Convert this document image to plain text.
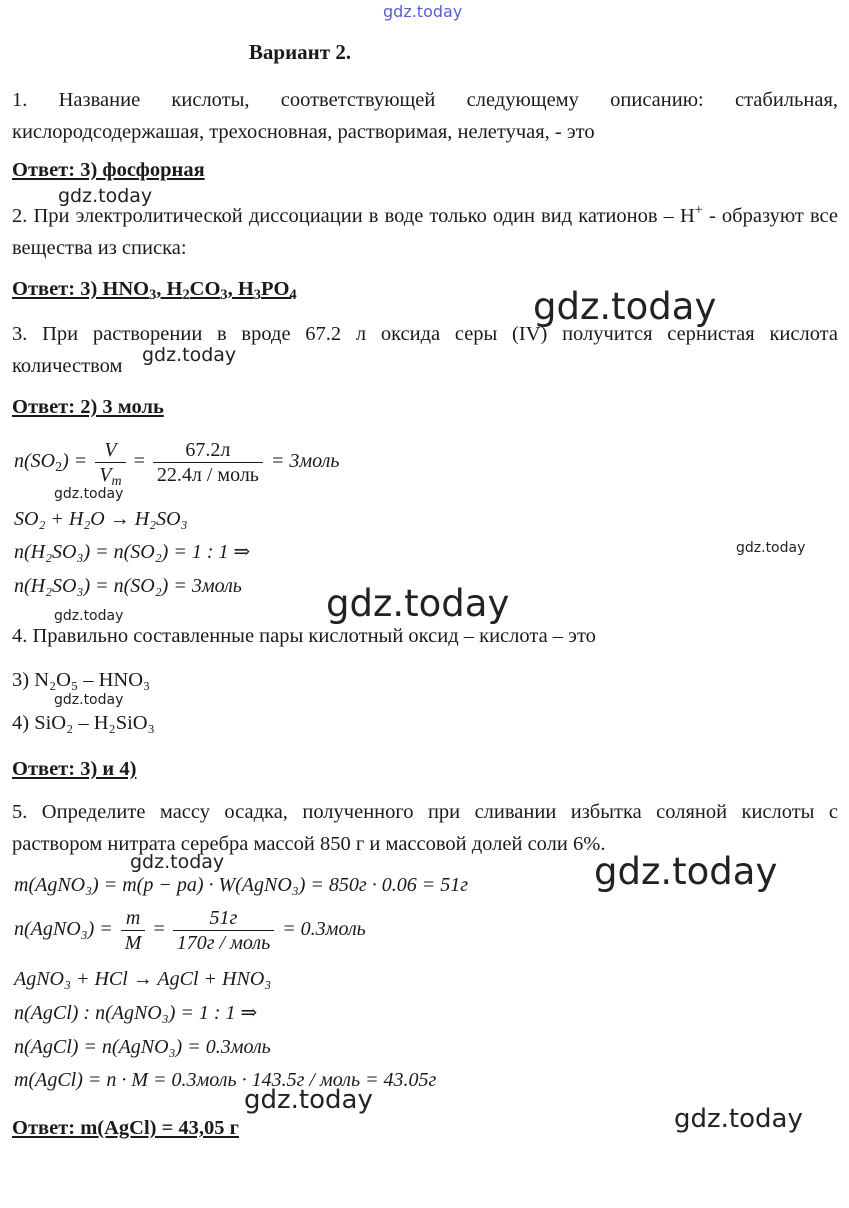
gdz.today
gdz.today
gdz.today
gdz.today
gdz.today
gdz.today
gdz.today
gdz.today
gdz.today
gdz.today	gdz.today
gdz.today
gdz.today
Вариант 2.
1. Название кислоты, соответствующей следующему описанию: стабильная, кислородсодержашая, трехосновная, растворимая, нелетучая, - это
Ответ: 3) фосфорная
2. При электролитической диссоциации в воде только один вид катионов – H+ - образуют все вещества из списка:
Ответ: 3) $HNO_3$, $H_2CO_3$, $H_3PO_4$
3. При растворении в вроде 67.2 л оксида серы (IV) получится сернистая кислота количеством
Ответ: 2) 3 моль
$n(SO_2) = \frac{V}{V_m} = \frac{67.2л}{\text{22.4л / моль}}$ = 3моль
SO₂ + H₂O → H₂SO₃
n(H₂SO₃) = n(SO₂) = 1 : 1 ⇒
n(H₂SO₃) = n(SO₂) = 3моль
4. Правильно составленные пары кислотный оксид – кислота – это
3) N₂O₅ – HNO₃
4) SiO₂ – H₂SiO₃
Ответ: 3) и 4)
5. Определите массу осадка, полученного при сливании избытка соляной кислоты с раствором нитрата серебра массой 850 г и массовой долей соли 6%.
m(AgNO₃) = m(p − pa) · W(AgNO₃) = 850г · 0.06 = 51г
n(AgNO₃) = $\frac{m}{M} = \frac{51г}{\text{170г / моль}}$ = 0.3моль
AgNO₃ + HCl → AgCl + HNO₃
n(AgCl) : n(AgNO₃) = 1 : 1 ⇒
n(AgCl) = n(AgNO₃) = 0.3моль
m(AgCl) = n · M = 0.3моль · 143.5г / моль = 43.05г
Ответ: m(AgCl) = 43,05 г
